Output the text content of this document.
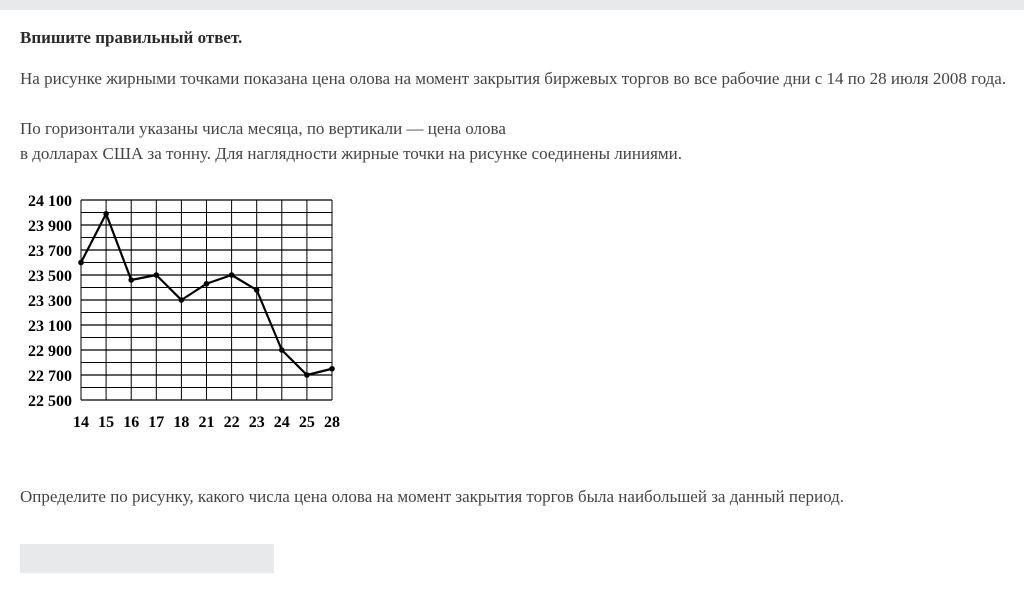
Впишите правильный ответ.
На рисунке жирными точками показана цена олова на момент закрытия биржевых торгов во все рабочие дни с 14 по 28 июля 2008 года.
По горизонтали указаны числа месяца, по вертикали — цена олова
в долларах США за тонну. Для наглядности жирные точки на рисунке соединены линиями.
24 100
23 900
23 700
23 500
23 300
23 100
22 900
22 700
22 500
14 15 16 17 18 21 22 23 24 25 28
Определите по рисунку, какого числа цена олова на момент закрытия торгов была наибольшей за данный период.
